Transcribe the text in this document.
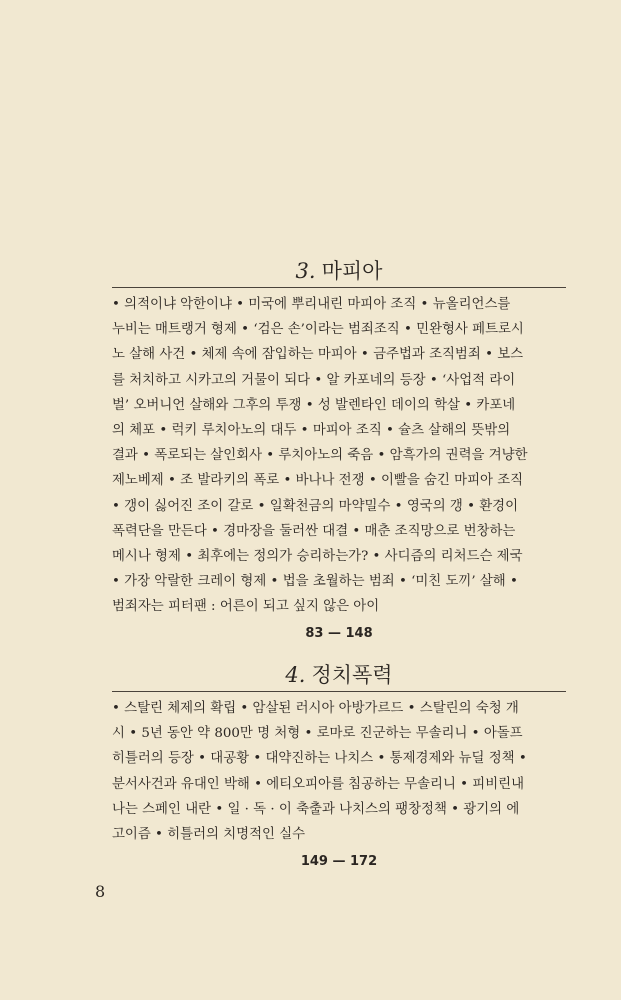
3. 마피아
• 의적이냐 악한이냐 • 미국에 뿌리내린 마피아 조직 • 뉴올리언스를
누비는 매트랭거 형제 • ‘검은 손’이라는 범죄조직 • 민완형사 페트로시
노 살해 사건 • 체제 속에 잠입하는 마피아 • 금주법과 조직범죄 • 보스
를 처치하고 시카고의 거물이 되다 • 알 카포네의 등장 • ‘사업적 라이
벌’ 오버니언 살해와 그후의 투쟁 • 성 발렌타인 데이의 학살 • 카포네
의 체포 • 럭키 루치아노의 대두 • 마피아 조직 • 슐츠 살해의 뜻밖의
결과 • 폭로되는 살인회사 • 루치아노의 죽음 • 암흑가의 권력을 겨냥한
제노베제 • 조 발라키의 폭로 • 바나나 전쟁 • 이빨을 숨긴 마피아 조직
• 갱이 싫어진 조이 갈로 • 일확천금의 마약밀수 • 영국의 갱 • 환경이
폭력단을 만든다 • 경마장을 둘러싼 대결 • 매춘 조직망으로 번창하는
메시나 형제 • 최후에는 정의가 승리하는가? • 사디즘의 리처드슨 제국
• 가장 악랄한 크레이 형제 • 법을 초월하는 범죄 • ‘미친 도끼’ 살해 •
범죄자는 피터팬 : 어른이 되고 싶지 않은 아이
83 — 148
4. 정치폭력
• 스탈린 체제의 확립 • 암살된 러시아 아방가르드 • 스탈린의 숙청 개
시 • 5년 동안 약 800만 명 처형 • 로마로 진군하는 무솔리니 • 아돌프
히틀러의 등장 • 대공황 • 대약진하는 나치스 • 통제경제와 뉴딜 정책 •
분서사건과 유대인 박해 • 에티오피아를 침공하는 무솔리니 • 피비린내
나는 스페인 내란 • 일 · 독 · 이 축출과 나치스의 팽창정책 • 광기의 에
고이즘 • 히틀러의 치명적인 실수
149 — 172
8
